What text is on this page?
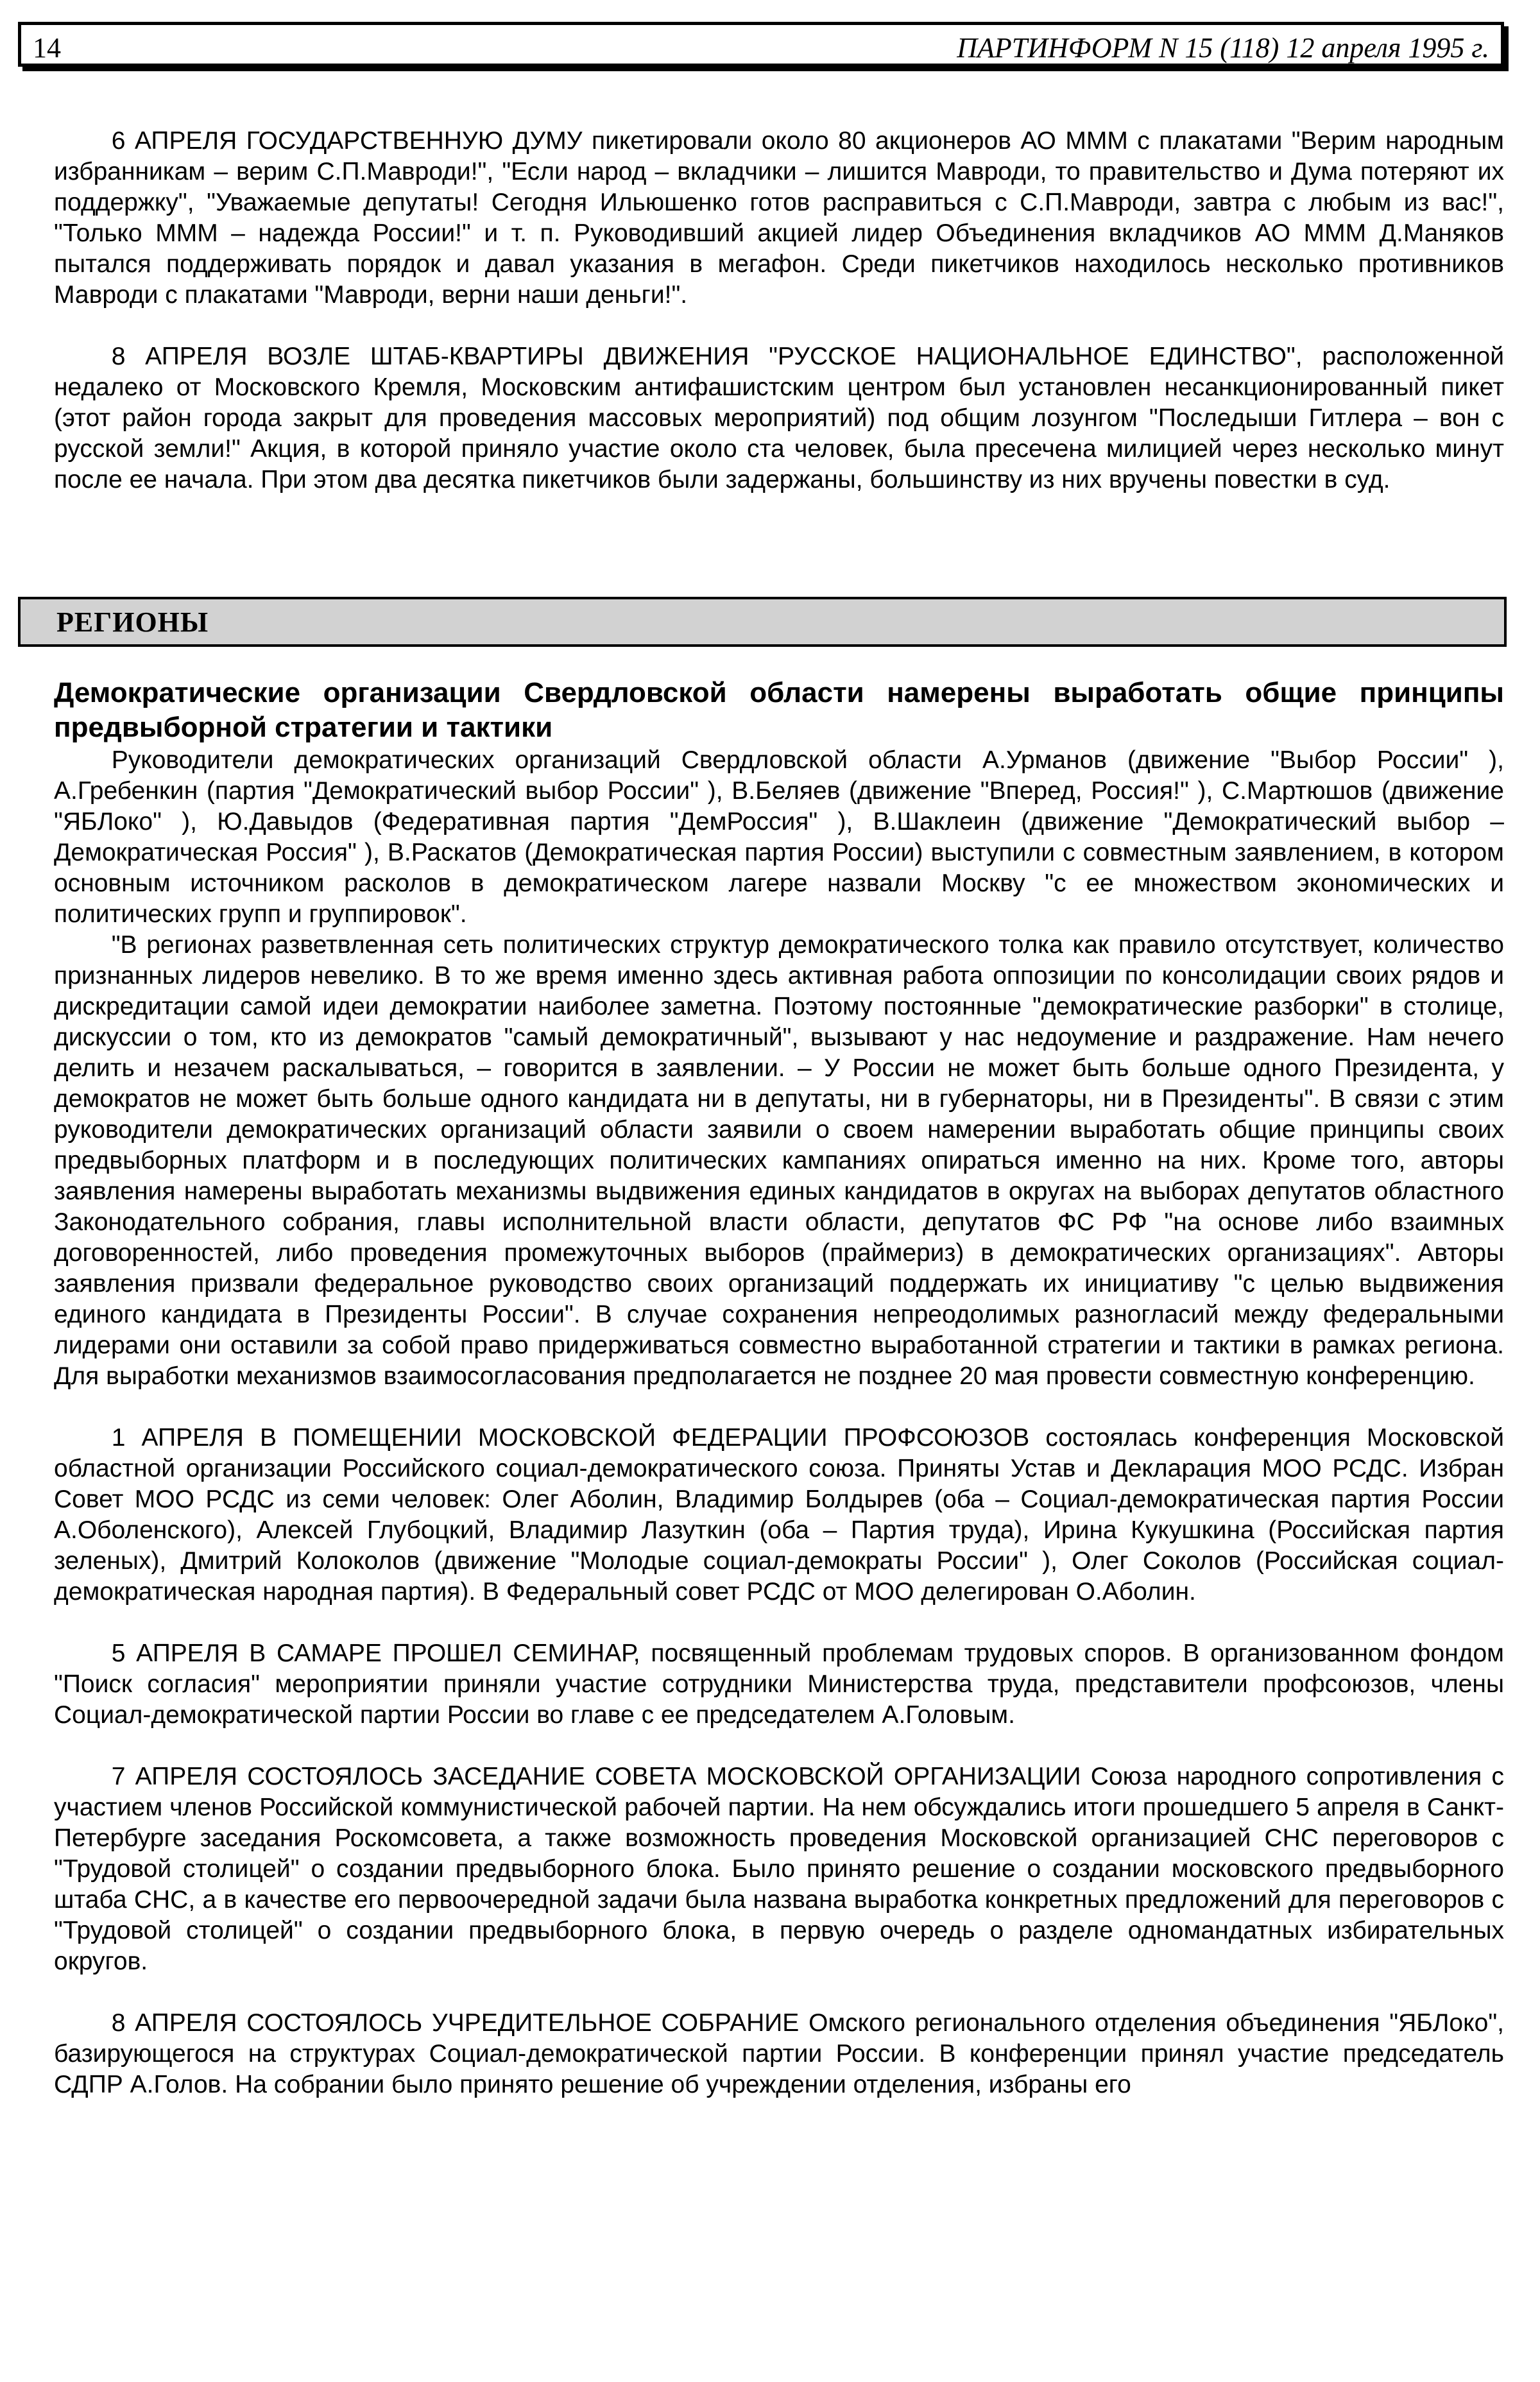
14	ПАРТИНФОРМ N 15 (118) 12 апреля 1995 г.

6 АПРЕЛЯ ГОСУДАРСТВЕННУЮ ДУМУ пикетировали около 80 акционеров АО МММ с плакатами "Верим народным избранникам – верим С.П.Мавроди!", "Если народ – вкладчики – лишится Мавроди, то правительство и Дума потеряют их поддержку", "Уважаемые депутаты! Сегодня Ильюшенко готов расправиться с С.П.Мавроди, завтра с любым из вас!", "Только МММ – надежда России!" и т. п. Руководивший акцией лидер Объединения вкладчиков АО МММ Д.Маняков пытался поддерживать порядок и давал указания в мегафон. Среди пикетчиков находилось несколько противников Мавроди с плакатами "Мавроди, верни наши деньги!".

8 АПРЕЛЯ ВОЗЛЕ ШТАБ-КВАРТИРЫ ДВИЖЕНИЯ "РУССКОЕ НАЦИОНАЛЬНОЕ ЕДИНСТВО", расположенной недалеко от Московского Кремля, Московским антифашистским центром был установлен несанкционированный пикет (этот район города закрыт для проведения массовых мероприятий) под общим лозунгом "Последыши Гитлера – вон с русской земли!" Акция, в которой приняло участие около ста человек, была пресечена милицией через несколько минут после ее начала. При этом два десятка пикетчиков были задержаны, большинству из них вручены повестки в суд.

РЕГИОНЫ
Демократические организации Свердловской области намерены выработать общие принципы предвыборной стратегии и тактики

Руководители демократических организаций Свердловской области А.Урманов (движение "Выбор России" ), А.Гребенкин (партия "Демократический выбор России" ), В.Беляев (движение "Вперед, Россия!" ), С.Мартюшов (движение "ЯБЛоко" ), Ю.Давыдов (Федеративная партия "ДемРоссия" ), В.Шаклеин (движение "Демократический выбор – Демократическая Россия" ), В.Раскатов (Демократическая партия России) выступили с совместным заявлением, в котором основным источником расколов в демократическом лагере назвали Москву "с ее множеством экономических и политических групп и группировок".

"В регионах разветвленная сеть политических структур демократического толка как правило отсутствует, количество признанных лидеров невелико. В то же время именно здесь активная работа оппозиции по консолидации своих рядов и дискредитации самой идеи демократии наиболее заметна. Поэтому постоянные "демократические разборки" в столице, дискуссии о том, кто из демократов "самый демократичный", вызывают у нас недоумение и раздражение. Нам нечего делить и незачем раскалываться, – говорится в заявлении. – У России не может быть больше одного Президента, у демократов не может быть больше одного кандидата ни в депутаты, ни в губернаторы, ни в Президенты". В связи с этим руководители демократических организаций области заявили о своем намерении выработать общие принципы своих предвыборных платформ и в последующих политических кампаниях опираться именно на них. Кроме того, авторы заявления намерены выработать механизмы выдвижения единых кандидатов в округах на выборах депутатов областного Законодательного собрания, главы исполнительной власти области, депутатов ФС РФ "на основе либо взаимных договоренностей, либо проведения промежуточных выборов (праймериз) в демократических организациях". Авторы заявления призвали федеральное руководство своих организаций поддержать их инициативу "с целью выдвижения единого кандидата в Президенты России". В случае сохранения непреодолимых разногласий между федеральными лидерами они оставили за собой право придерживаться совместно выработанной стратегии и тактики в рамках региона. Для выработки механизмов взаимосогласования предполагается не позднее 20 мая провести совместную конференцию.

1 АПРЕЛЯ В ПОМЕЩЕНИИ МОСКОВСКОЙ ФЕДЕРАЦИИ ПРОФСОЮЗОВ состоялась конференция Московской областной организации Российского социал-демократического союза. Приняты Устав и Декларация МОО РСДС. Избран Совет МОО РСДС из семи человек: Олег Аболин, Владимир Болдырев (оба – Социал-демократическая партия России А.Оболенского), Алексей Глубоцкий, Владимир Лазуткин (оба – Партия труда), Ирина Кукушкина (Российская партия зеленых), Дмитрий Колоколов (движение "Молодые социал-демократы России" ), Олег Соколов (Российская социал-демократическая народная партия). В Федеральный совет РСДС от МОО делегирован О.Аболин.

5 АПРЕЛЯ В САМАРЕ ПРОШЕЛ СЕМИНАР, посвященный проблемам трудовых споров. В организованном фондом "Поиск согласия" мероприятии приняли участие сотрудники Министерства труда, представители профсоюзов, члены Социал-демократической партии России во главе с ее председателем А.Головым.

7 АПРЕЛЯ СОСТОЯЛОСЬ ЗАСЕДАНИЕ СОВЕТА МОСКОВСКОЙ ОРГАНИЗАЦИИ Союза народного сопротивления с участием членов Российской коммунистической рабочей партии. На нем обсуждались итоги прошедшего 5 апреля в Санкт-Петербурге заседания Роскомсовета, а также возможность проведения Московской организацией СНС переговоров с "Трудовой столицей" о создании предвыборного блока. Было принято решение о создании московского предвыборного штаба СНС, а в качестве его первоочередной задачи была названа выработка конкретных предложений для переговоров с "Трудовой столицей" о создании предвыборного блока, в первую очередь о разделе одномандатных избирательных округов.

8 АПРЕЛЯ СОСТОЯЛОСЬ УЧРЕДИТЕЛЬНОЕ СОБРАНИЕ Омского регионального отделения объединения "ЯБЛоко", базирующегося на структурах Социал-демократической партии России. В конференции принял участие председатель СДПР А.Голов. На собрании было принято решение об учреждении отделения, избраны его
